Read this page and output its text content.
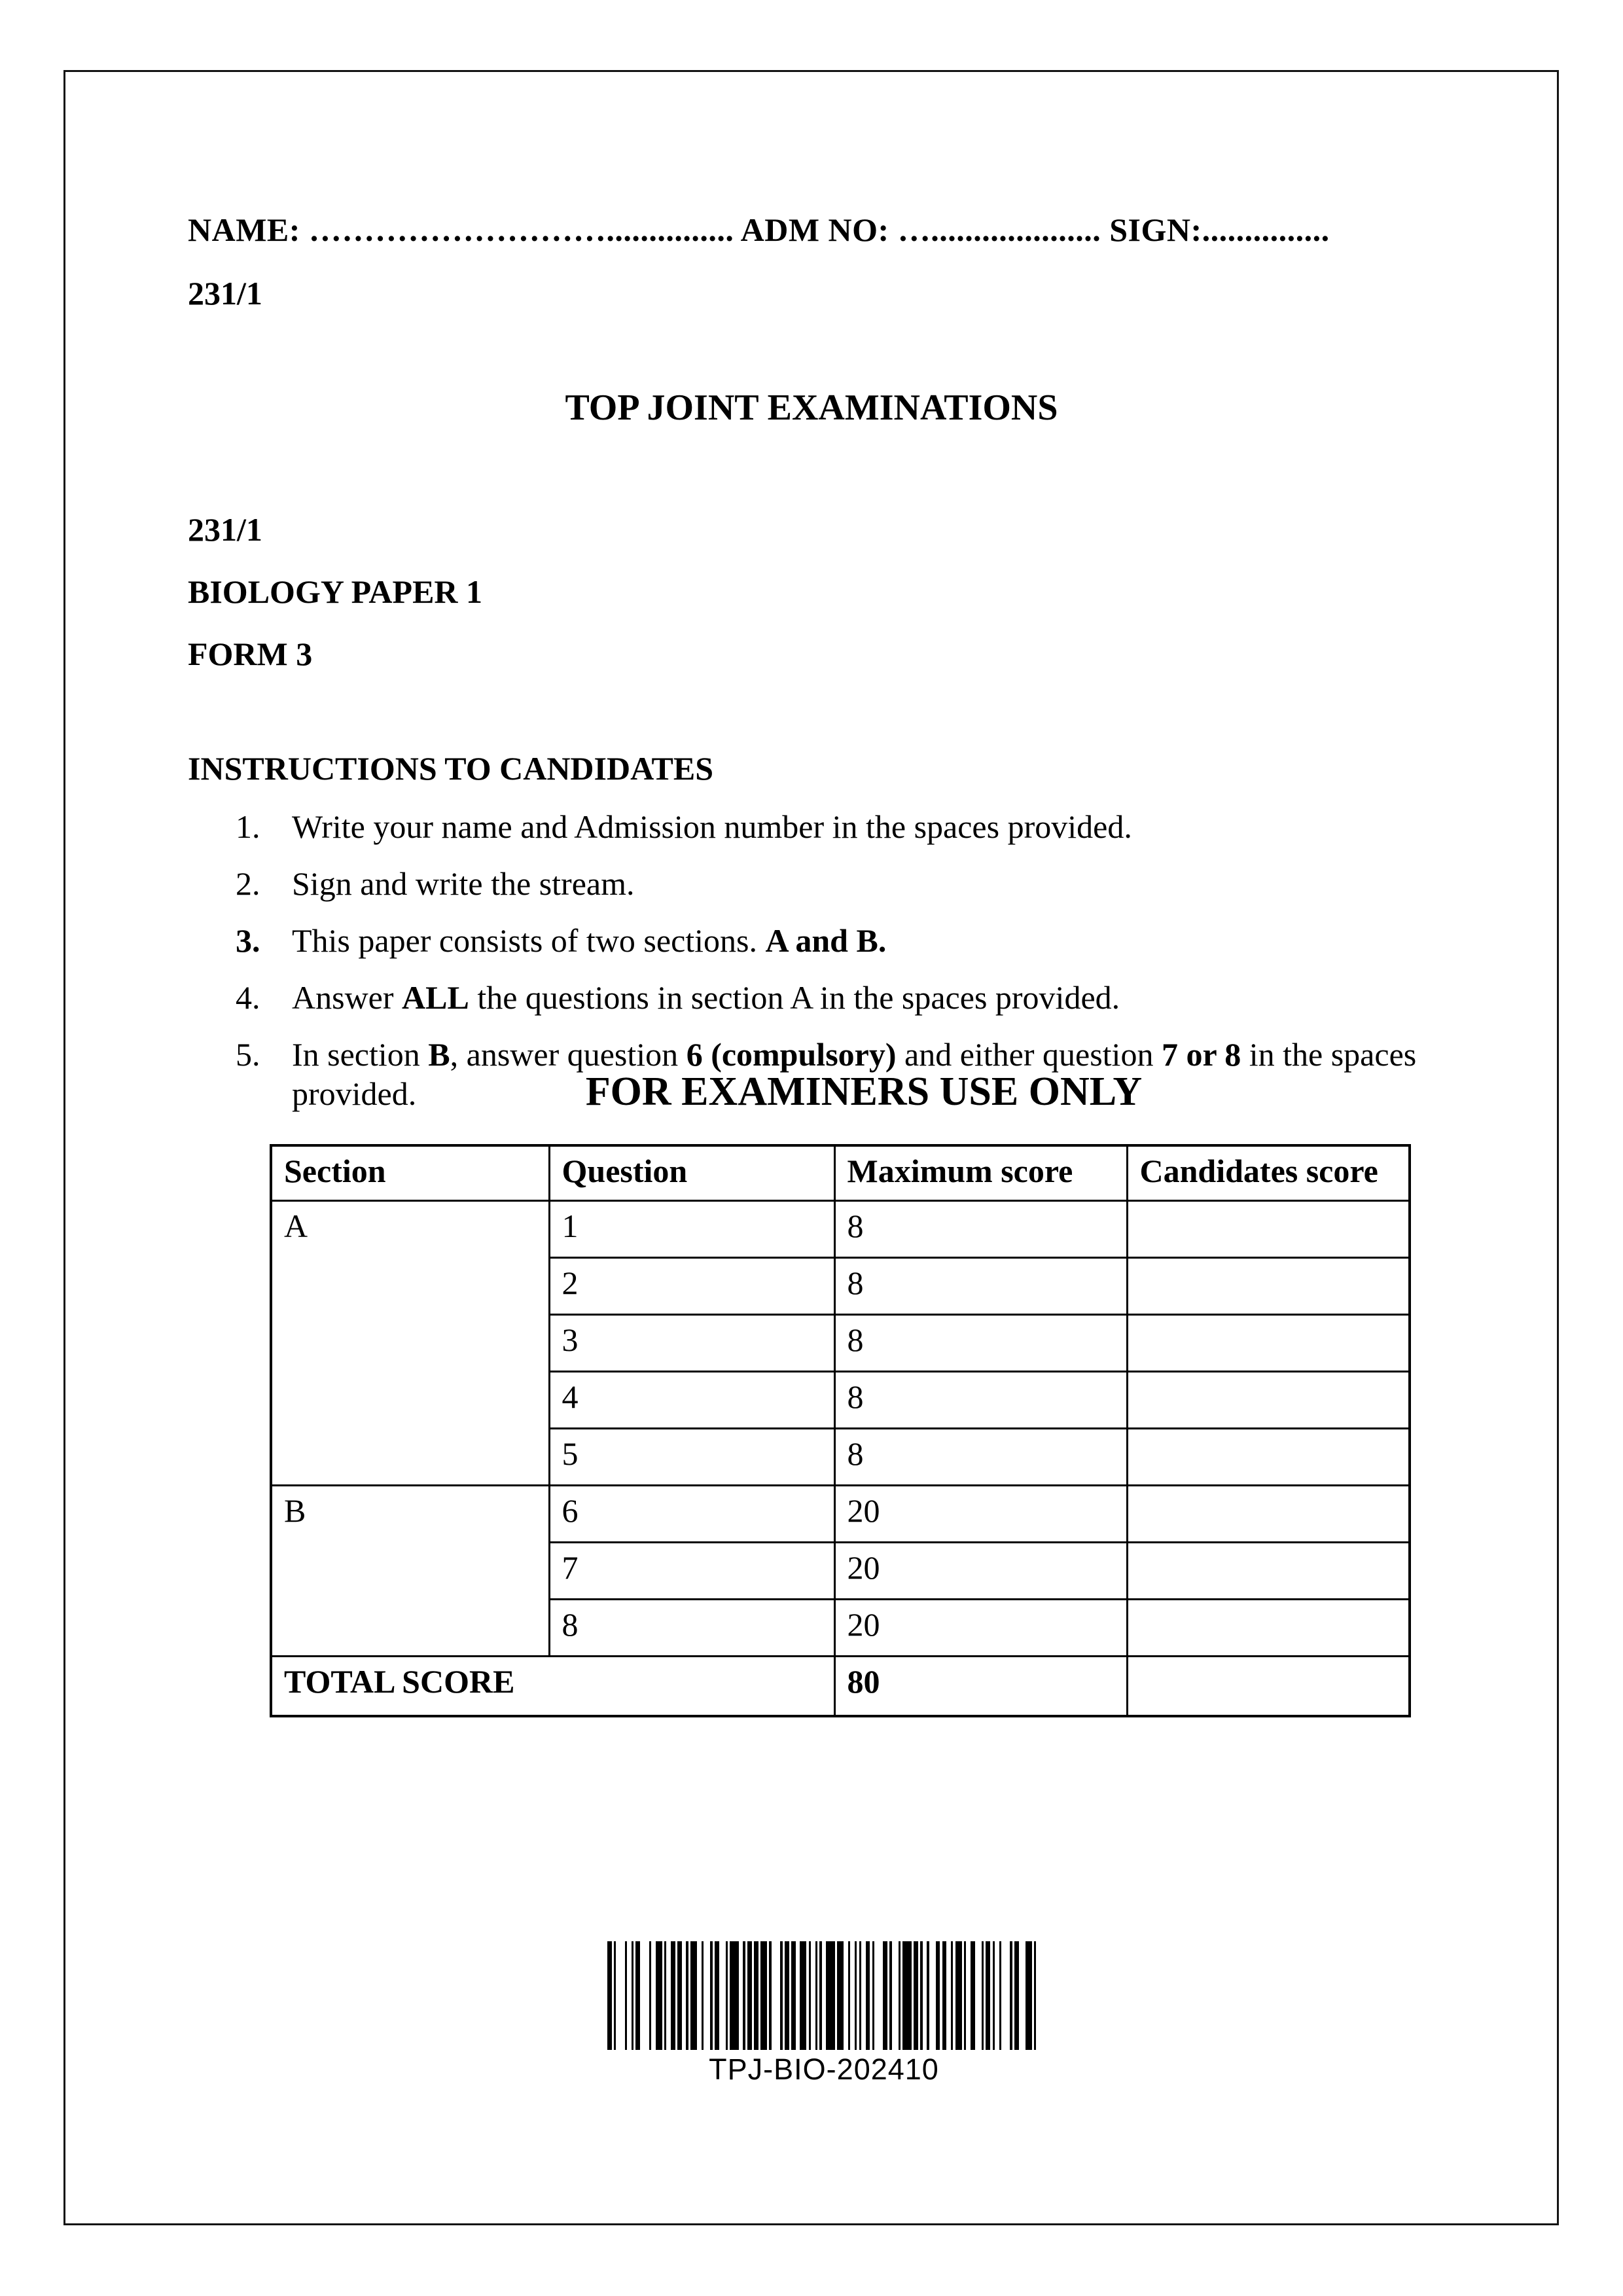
NAME: ………………………............... ADM NO: ….................... SIGN:...............
231/1
TOP JOINT EXAMINATIONS
231/1
BIOLOGY PAPER 1
FORM 3
INSTRUCTIONS TO CANDIDATES
1. Write your name and Admission number in the spaces provided.
2. Sign and write the stream.
3. This paper consists of two sections. A and B.
4. Answer ALL the questions in section A in the spaces provided.
5. In section B, answer question 6 (compulsory) and either question 7 or 8 in the spaces provided.	FOR EXAMINERS USE ONLY
Section	Question	Maximum score	Candidates score
A	1	8	
	2	8	
	3	8	
	4	8	
	5	8	
B	6	20	
	7	20	
	8	20	
TOTAL SCORE		80	
TPJ-BIO-202410
